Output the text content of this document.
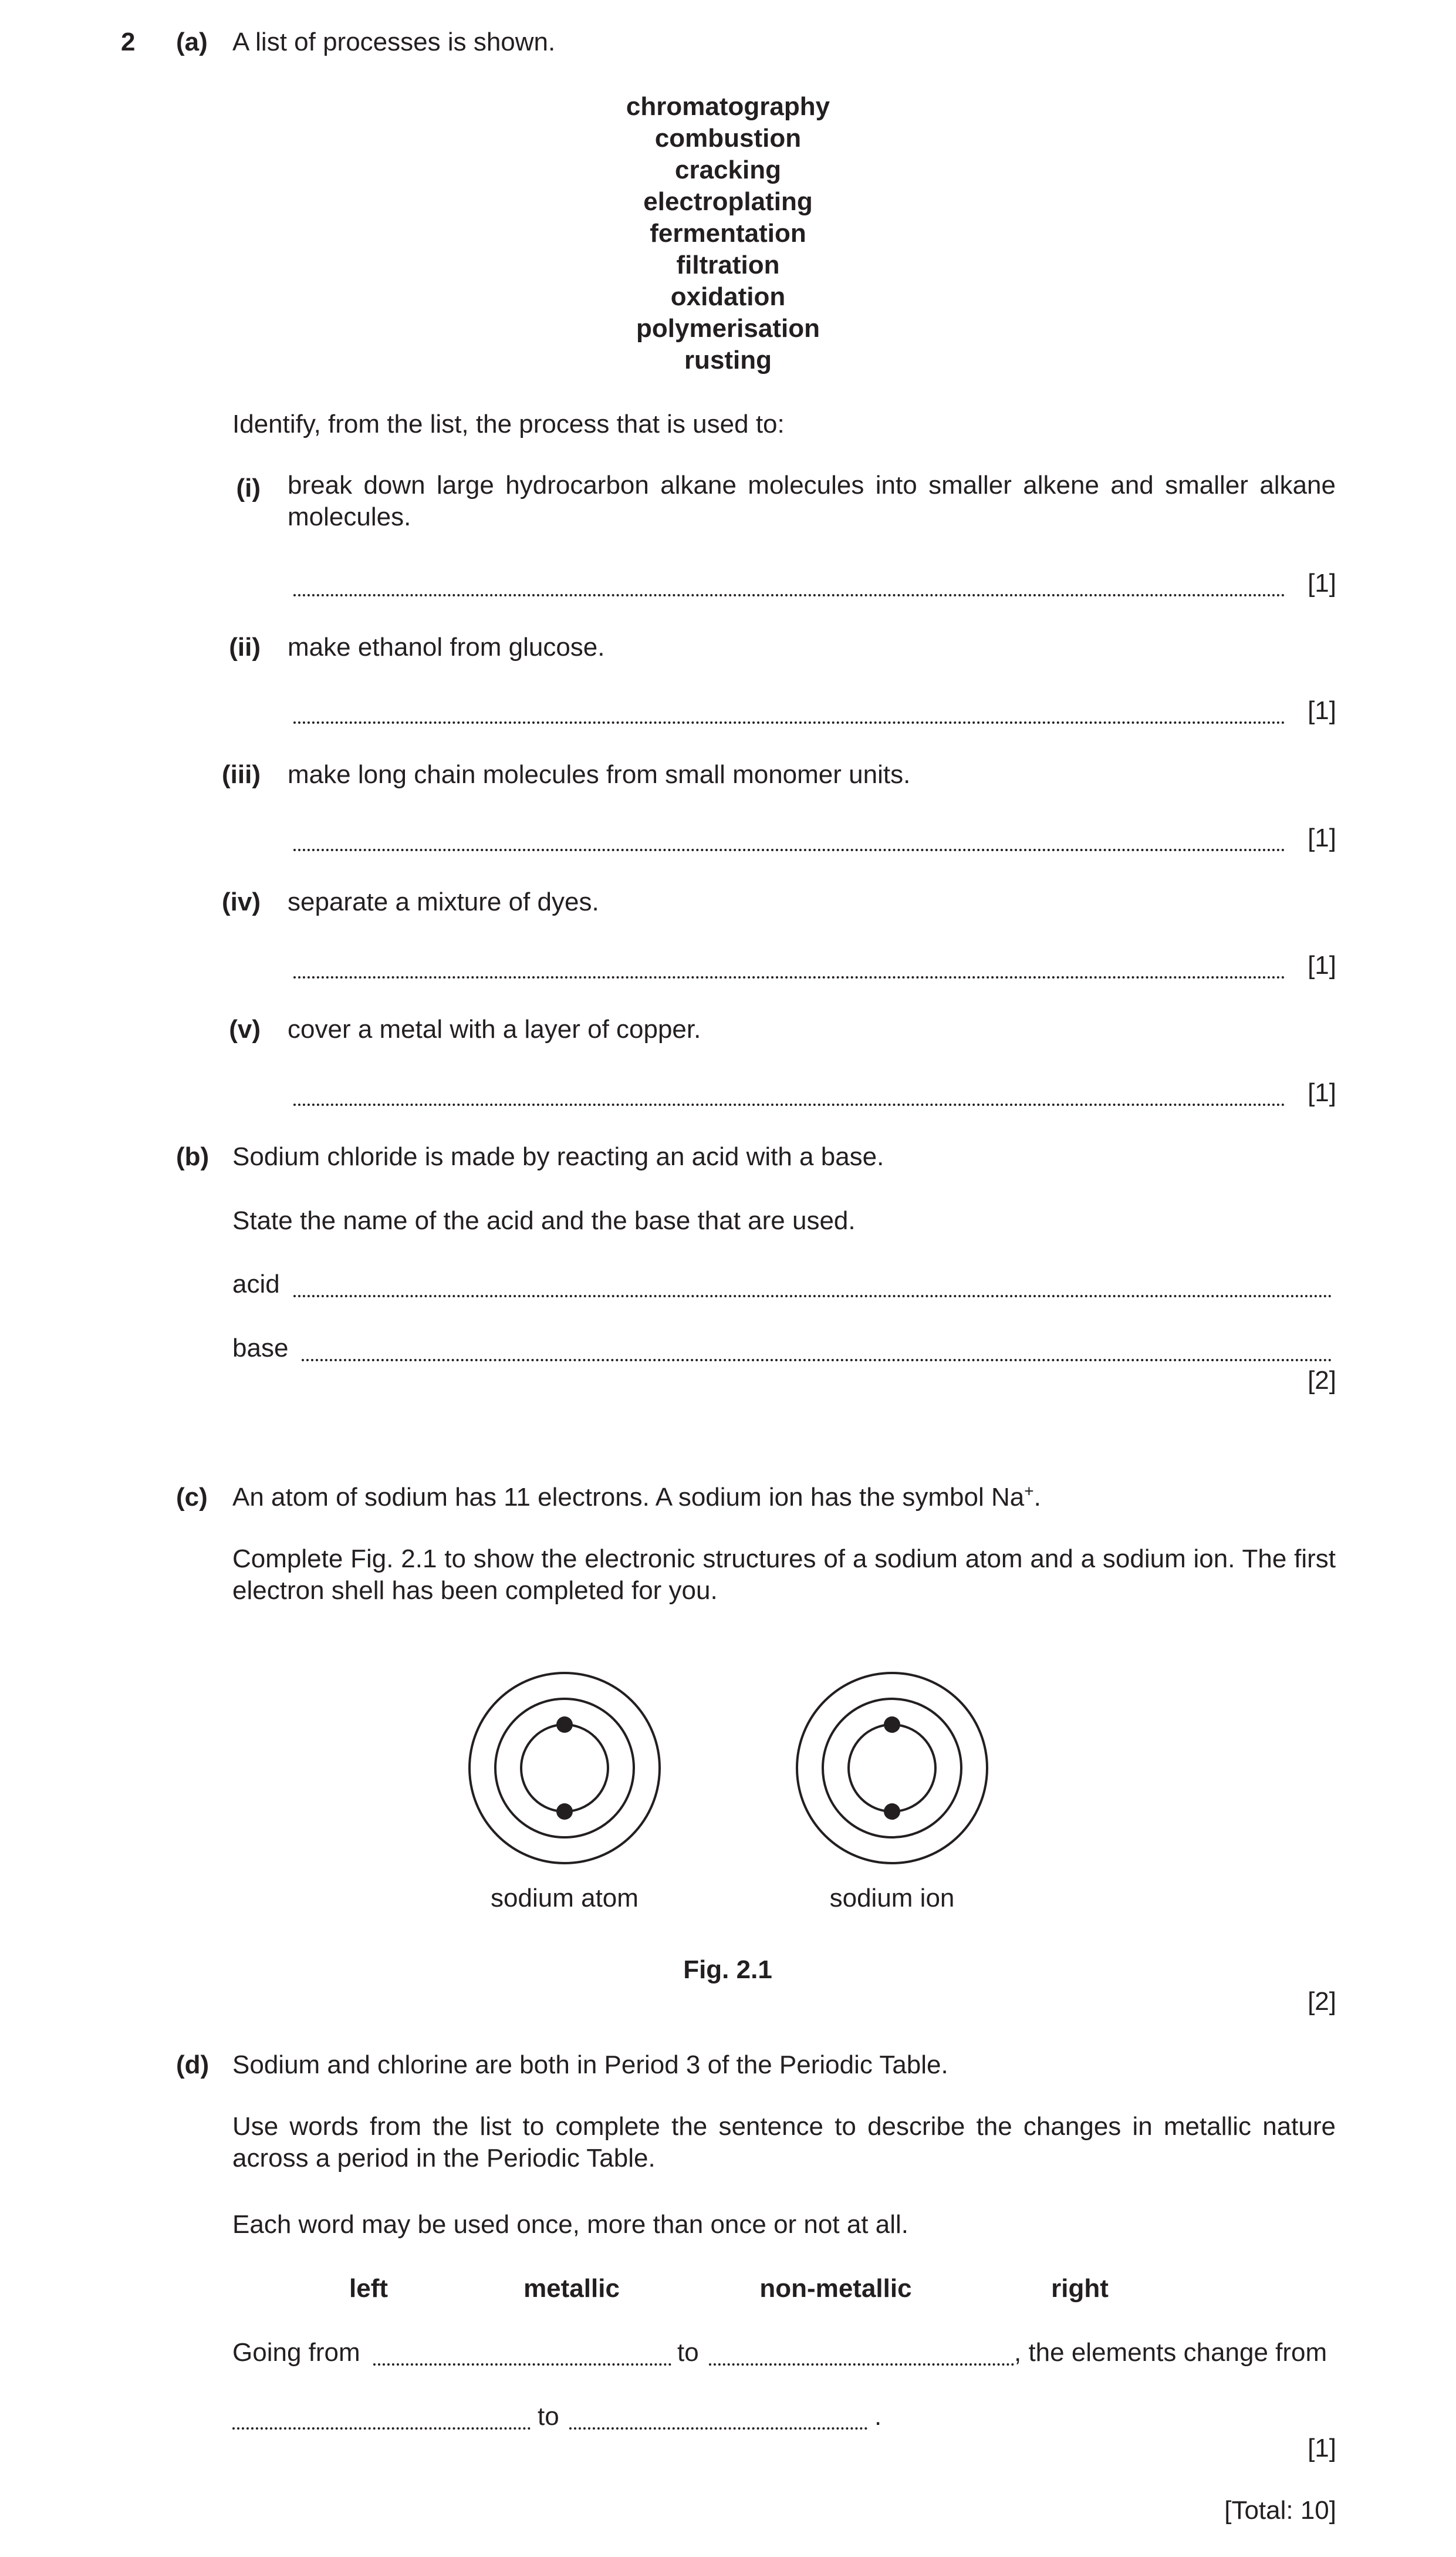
2 (a) A list of processes is shown.
chromatography
combustion
cracking
electroplating
fermentation
filtration
oxidation
polymerisation
rusting
Identify, from the list, the process that is used to:
(i) break down large hydrocarbon alkane molecules into smaller alkene and smaller alkane molecules.
[1]
(ii) make ethanol from glucose.
[1]
(iii) make long chain molecules from small monomer units.
[1]
(iv) separate a mixture of dyes.
[1]
(v) cover a metal with a layer of copper.
[1]
(b) Sodium chloride is made by reacting an acid with a base.
State the name of the acid and the base that are used.
acid
base
[2]
(c) An atom of sodium has 11 electrons. A sodium ion has the symbol Na+.
Complete Fig. 2.1 to show the electronic structures of a sodium atom and a sodium ion. The first electron shell has been completed for you.
sodium atom	sodium ion
Fig. 2.1
[2]
(d) Sodium and chlorine are both in Period 3 of the Periodic Table.
Use words from the list to complete the sentence to describe the changes in metallic nature across a period in the Periodic Table.
Each word may be used once, more than once or not at all.
left	metallic	non-metallic	right
Going from	to	, the elements change from
to	.
[1]
[Total: 10]
